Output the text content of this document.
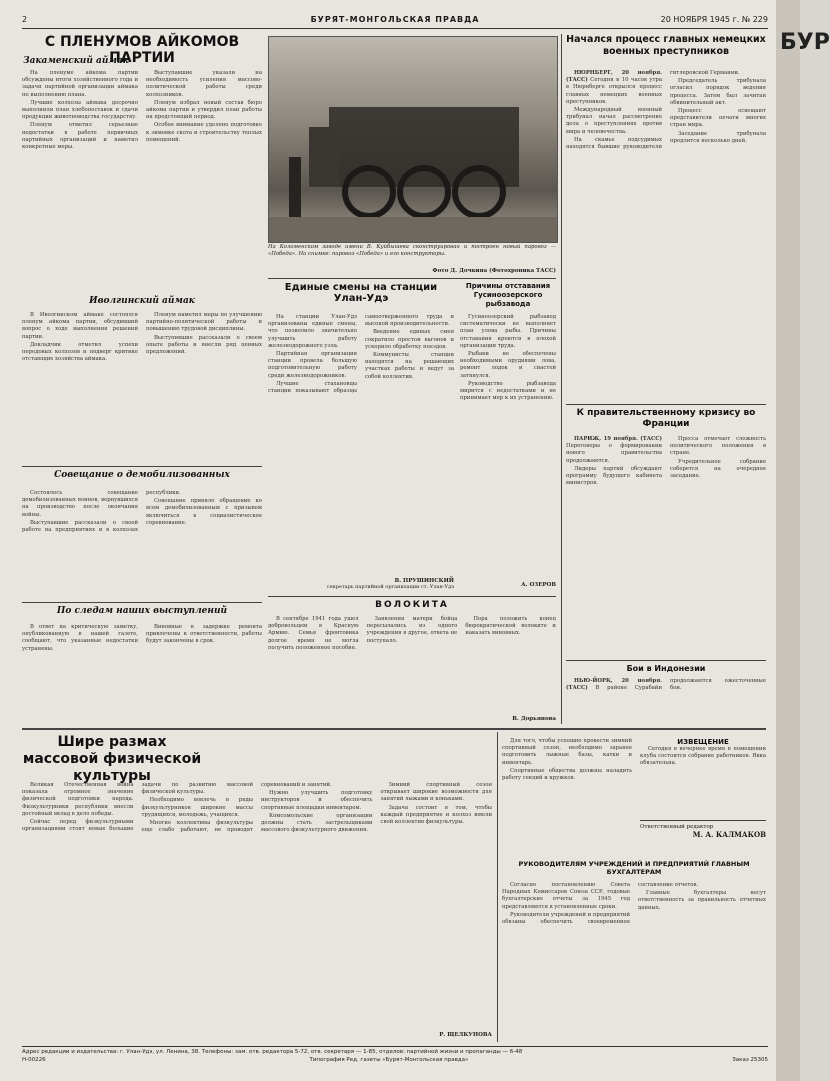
2	БУРЯТ-МОНГОЛЬСКАЯ ПРАВДА	20 НОЯБРЯ 1945 г. № 229
С ПЛЕНУМОВ АЙКОМОВ ПАРТИИ
Закаменский аймак

На пленуме айкома партии обсуждены итоги хозяйственного года и задачи партийной организации аймака по выполнению плана.

Лучшие колхозы аймака досрочно выполнили план хлебопоставок и сдачи продукции животноводства государству.

Пленум отметил серьезные недостатки в работе первичных партийных организаций и наметил конкретные меры.

Выступавшие указали на необходимость усиления массово-политической работы среди колхозников.

Пленум избрал новый состав бюро айкома партии и утвердил план работы на предстоящий период.

Особое внимание уделено подготовке к зимовке скота и строительству теплых помещений.

Иволгинский аймак

В Иволгинском аймаке состоялся пленум айкома партии, обсудивший вопрос о ходе выполнения решений партии.

Докладчик отметил успехи передовых колхозов и подверг критике отстающие хозяйства аймака.

Пленум наметил меры по улучшению партийно-политической работы и повышению трудовой дисциплины.

Выступившие рассказали о своем опыте работы и внесли ряд ценных предложений.

Совещание о демобилизованных

Состоялось совещание демобилизованных воинов, вернувшихся на производство после окончания войны.

Выступавшие рассказали о своей работе на предприятиях и в колхозах республики.

Совещание приняло обращение ко всем демобилизованным с призывом включиться в социалистическое соревнование.

По следам наших выступлений

В ответ на критическую заметку, опубликованную в нашей газете, сообщают, что указанные недостатки устранены.

Виновные в задержке ремонта привлечены к ответственности, работы будут закончены в срок.

На Коломенском заводе имени В. Куйбышева сконструирован и построен новый паровоз — «Победа». На снимке: паровоз «Победа» и его конструкторы.
Фото Д. Дочкина (Фотохроника ТАСС)
Единые смены на станции Улан-Удэ

На станции Улан-Удэ организованы единые смены, что позволило значительно улучшить работу железнодорожного узла.

Партийная организация станции провела большую подготовительную работу среди железнодорожников.

Лучшие стахановцы станции показывают образцы самоотверженного труда и высокой производительности.

Введение единых смен сократило простои вагонов и ускорило обработку поездов.

Коммунисты станции находятся на решающих участках работы и ведут за собой коллектив.

В. ПРУШИНСКИЙ
секретарь партийной организации ст. Улан-Удэ
Причины отставания Гусиноозерского рыбзавода

Гусиноозерский рыбзавод систематически не выполняет план улова рыбы. Причины отставания кроются в плохой организации труда.

Рыбаки не обеспечены необходимыми орудиями лова, ремонт лодок и снастей затянулся.

Руководство рыбзавода мирится с недостатками и не принимает мер к их устранению.

А. ОЗЕРОВ
ВОЛОКИТА

В сентябре 1941 года ушел добровольцем в Красную Армию. Семья фронтовика долгое время не могла получить положенное пособие.

Заявления матери бойца пересылались из одного учреждения в другое, ответа не поступало.

Пора положить конец бюрократической волоките и наказать виновных.

В. Дорьянова
Начался процесс главных немецких военных преступников

НЮРНБЕРГ, 20 ноября. (ТАСС) Сегодня в 10 часов утра в Нюрнберге открылся процесс главных немецких военных преступников.

Международный военный трибунал начал рассмотрение дела о преступлениях против мира и человечества.

На скамье подсудимых находятся бывшие руководители гитлеровской Германии.

Председатель трибунала огласил порядок ведения процесса. Затем был зачитан обвинительный акт.

Процесс освещают представители печати многих стран мира.

Заседание трибунала продлится несколько дней.

К правительственному кризису во Франции

ПАРИЖ, 19 ноября. (ТАСС) Переговоры о формировании нового правительства продолжаются.

Лидеры партий обсуждают программу будущего кабинета министров.

Пресса отмечает сложность политического положения в стране.

Учредительное собрание соберется на очередное заседание.

Бои в Индонезии

НЬЮ-ЙОРК, 20 ноября. (ТАСС) В районе Сурабайи продолжаются ожесточенные бои.

Шире размах массовой физической культуры

Великая Отечественная война показала огромное значение физической подготовки народа. Физкультурники республики внесли достойный вклад в дело победы.

Сейчас перед физкультурными организациями стоят новые большие задачи по развитию массовой физической культуры.

Необходимо вовлечь в ряды физкультурников широкие массы трудящихся, молодежь, учащихся.

Многие коллективы физкультуры еще слабо работают, не проводят соревнований и занятий.

Нужно улучшить подготовку инструкторов и обеспечить спортивные площадки инвентарем.

Комсомольские организации должны стать застрельщиками массового физкультурного движения.

Зимний спортивный сезон открывает широкие возможности для занятий лыжами и коньками.

Задача состоит в том, чтобы каждый предприятие и колхоз имели свой коллектив физкультуры.

Р. ЩЕЛКУНОВА
РУКОВОДИТЕЛЯМ УЧРЕЖДЕНИЙ И ПРЕДПРИЯТИЙ ГЛАВНЫМ БУХГАЛТЕРАМ

Согласно постановлению Совета Народных Комиссаров Союза ССР, годовые бухгалтерские отчеты за 1945 год представляются в установленные сроки.

Руководители учреждений и предприятий обязаны обеспечить своевременное составление отчетов.

Главные бухгалтеры несут ответственность за правильность отчетных данных.

Для того, чтобы успешно провести зимний спортивный сезон, необходимо заранее подготовить лыжные базы, катки и инвентарь.

Спортивные общества должны наладить работу секций и кружков.

ИЗВЕЩЕНИЕ

Сегодня в вечернее время в помещении клуба состоится собрание работников. Явка обязательна.

Ответственный редактор
М. А. КАЛМАКОВ
Адрес редакции и издательства: г. Улан-Удэ, ул. Ленина, 38. Телефоны: зам. отв. редактора 5-72, отв. секретаря — 1-85, отделов: партийной жизни и пропаганды — 6-48
Н-00226	Типография Ред. газеты «Бурят-Монгольская правда»	Заказ 25305
БУР
